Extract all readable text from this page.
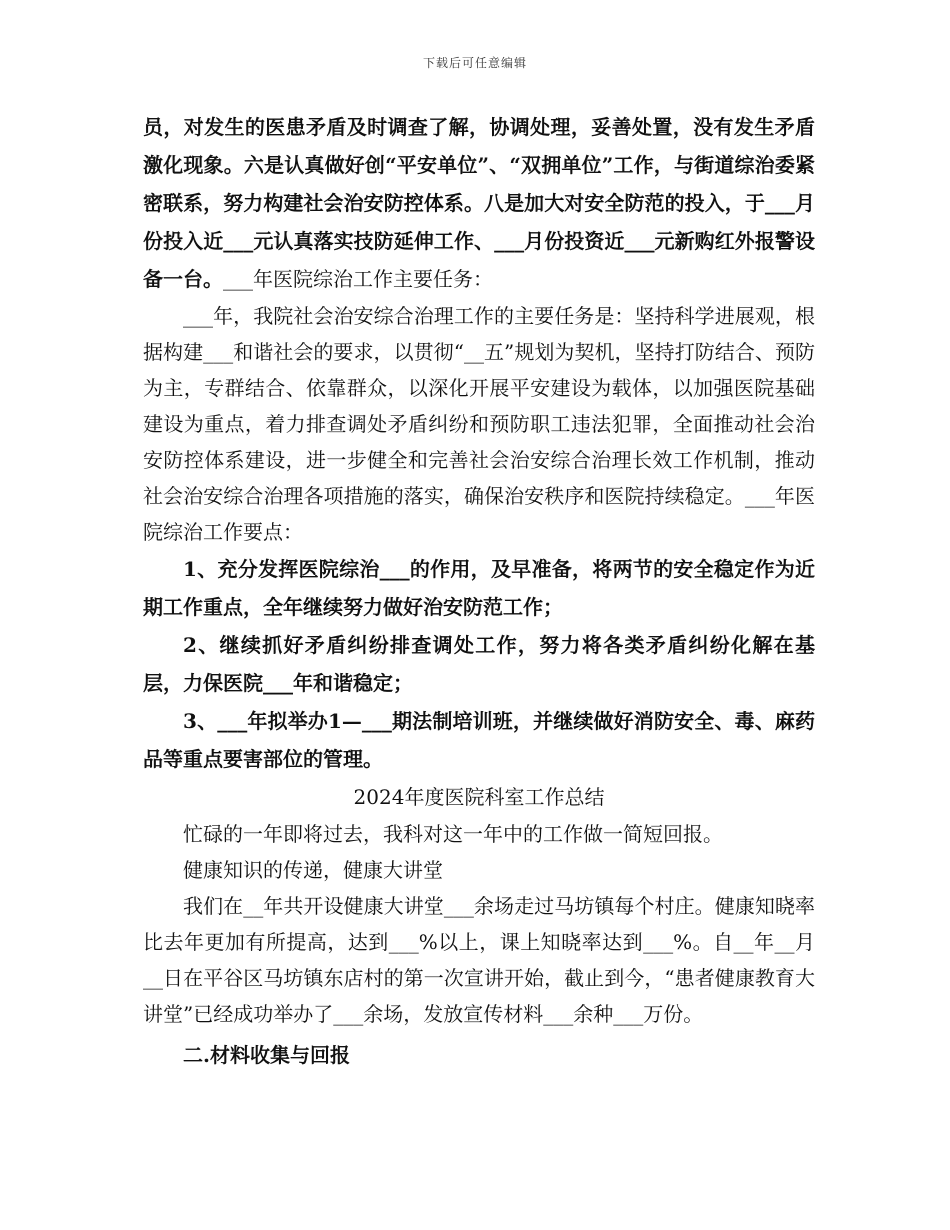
下载后可任意编辑

员，对发生的医患矛盾及时调查了解，协调处理，妥善处置，没有发生矛盾激化现象。六是认真做好创“平安单位”、“双拥单位”工作，与街道综治委紧密联系，努力构建社会治安防控体系。八是加大对安全防范的投入，于___月份投入近___元认真落实技防延伸工作、___月份投资近___元新购红外报警设备一台。___年医院综治工作主要任务：

___年，我院社会治安综合治理工作的主要任务是：坚持科学进展观，根据构建___和谐社会的要求，以贯彻“__五”规划为契机，坚持打防结合、预防为主，专群结合、依靠群众，以深化开展平安建设为载体，以加强医院基础建设为重点，着力排查调处矛盾纠纷和预防职工违法犯罪，全面推动社会治安防控体系建设，进一步健全和完善社会治安综合治理长效工作机制，推动社会治安综合治理各项措施的落实，确保治安秩序和医院持续稳定。___年医院综治工作要点：

1、充分发挥医院综治___的作用，及早准备，将两节的安全稳定作为近期工作重点，全年继续努力做好治安防范工作；

2、继续抓好矛盾纠纷排查调处工作，努力将各类矛盾纠纷化解在基层，力保医院___年和谐稳定；

3、___年拟举办1—___期法制培训班，并继续做好消防安全、毒、麻药品等重点要害部位的管理。

2024年度医院科室工作总结

忙碌的一年即将过去，我科对这一年中的工作做一简短回报。

健康知识的传递，健康大讲堂

我们在__年共开设健康大讲堂___余场走过马坊镇每个村庄。健康知晓率比去年更加有所提高，达到___%以上，课上知晓率达到___%。自__年__月__日在平谷区马坊镇东店村的第一次宣讲开始，截止到今，“患者健康教育大讲堂”已经成功举办了___余场，发放宣传材料___余种___万份。

二.材料收集与回报
